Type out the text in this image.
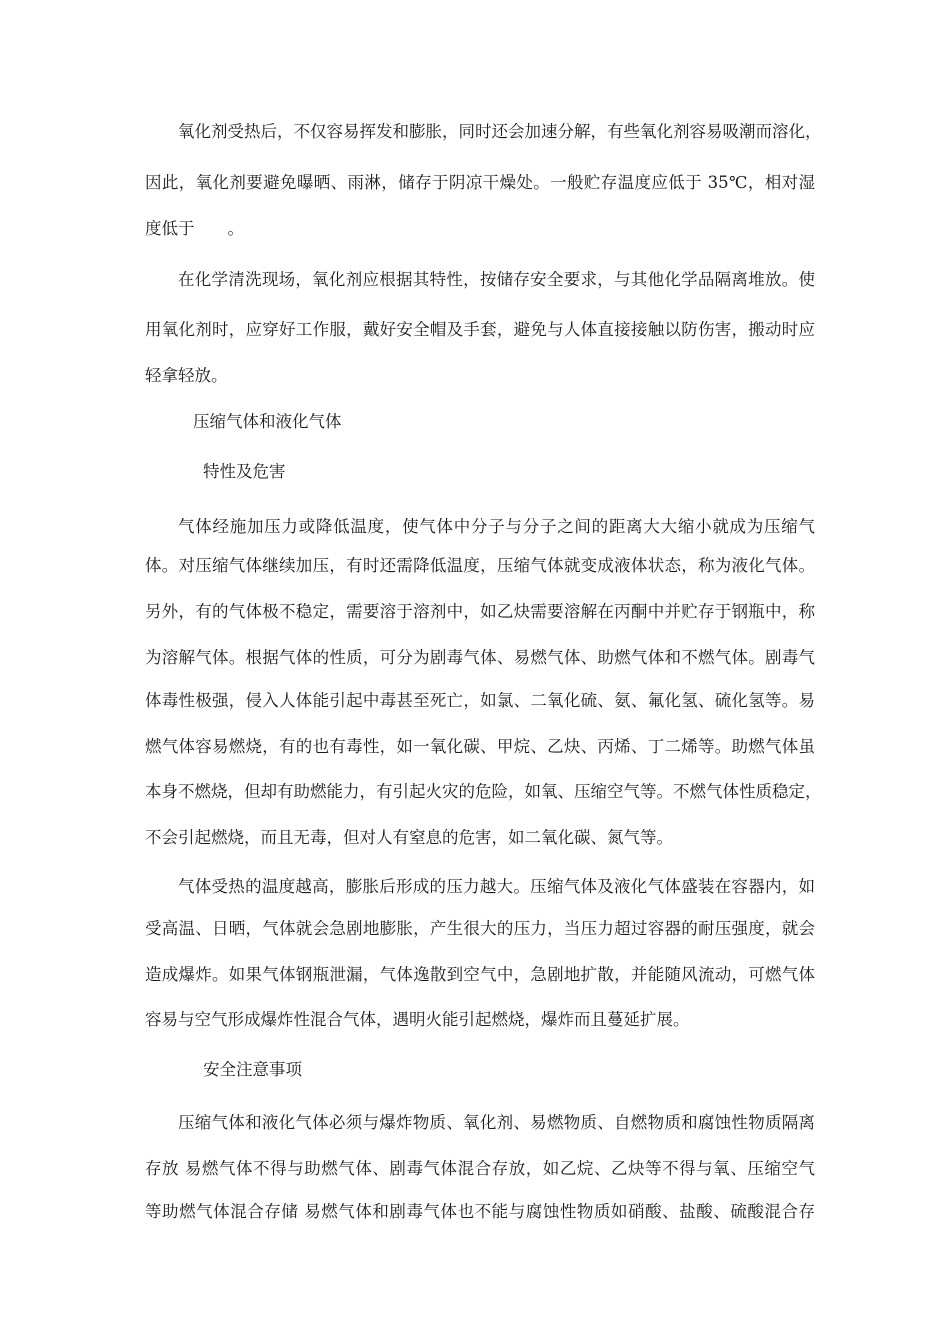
氧化剂受热后，不仅容易挥发和膨胀，同时还会加速分解，有些氧化剂容易吸潮而溶化，
因此，氧化剂要避免曝晒、雨淋，储存于阴凉干燥处。一般贮存温度应低于 35℃，相对湿
度低于　　。
在化学清洗现场，氧化剂应根据其特性，按储存安全要求，与其他化学品隔离堆放。使
用氧化剂时，应穿好工作服，戴好安全帽及手套，避免与人体直接接触以防伤害，搬动时应
轻拿轻放。
压缩气体和液化气体
特性及危害
气体经施加压力或降低温度，使气体中分子与分子之间的距离大大缩小就成为压缩气
体。对压缩气体继续加压，有时还需降低温度，压缩气体就变成液体状态，称为液化气体。
另外，有的气体极不稳定，需要溶于溶剂中，如乙炔需要溶解在丙酮中并贮存于钢瓶中，称
为溶解气体。根据气体的性质，可分为剧毒气体、易燃气体、助燃气体和不燃气体。剧毒气
体毒性极强，侵入人体能引起中毒甚至死亡，如氯、二氧化硫、氨、氟化氢、硫化氢等。易
燃气体容易燃烧，有的也有毒性，如一氧化碳、甲烷、乙炔、丙烯、丁二烯等。助燃气体虽
本身不燃烧，但却有助燃能力，有引起火灾的危险，如氧、压缩空气等。不燃气体性质稳定，
不会引起燃烧，而且无毒，但对人有窒息的危害，如二氧化碳、氮气等。
气体受热的温度越高，膨胀后形成的压力越大。压缩气体及液化气体盛装在容器内，如
受高温、日晒，气体就会急剧地膨胀，产生很大的压力，当压力超过容器的耐压强度，就会
造成爆炸。如果气体钢瓶泄漏，气体逸散到空气中，急剧地扩散，并能随风流动，可燃气体
容易与空气形成爆炸性混合气体，遇明火能引起燃烧，爆炸而且蔓延扩展。
安全注意事项
压缩气体和液化气体必须与爆炸物质、氧化剂、易燃物质、自燃物质和腐蚀性物质隔离
存放 易燃气体不得与助燃气体、剧毒气体混合存放，如乙烷、乙炔等不得与氧、压缩空气
等助燃气体混合存储 易燃气体和剧毒气体也不能与腐蚀性物质如硝酸、盐酸、硫酸混合存
